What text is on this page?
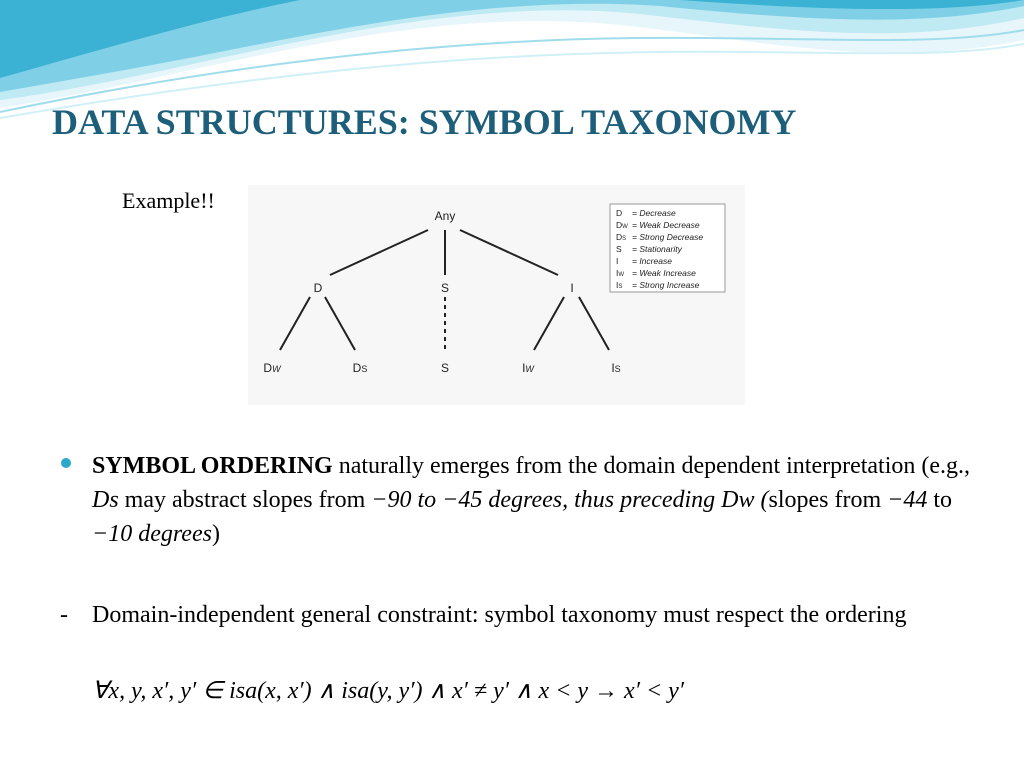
DATA STRUCTURES: SYMBOL TAXONOMY
Example!!
Any
D	S	I
DW	DS	S	IW	IS
D = Decrease
DW = Weak Decrease
DS = Strong Decrease
S = Stationarity
I = Increase
IW = Weak Increase
IS = Strong Increase
SYMBOL ORDERING naturally emerges from the domain dependent interpretation (e.g., Ds may abstract slopes from −90 to −45 degrees, thus preceding Dw (slopes from −44 to −10 degrees)
- Domain-independent general constraint: symbol taxonomy must respect the ordering
∀x, y, x′, y′ ∈ isa(x, x′) ∧ isa(y, y′) ∧ x′ ≠ y′ ∧ x < y → x′ < y′
